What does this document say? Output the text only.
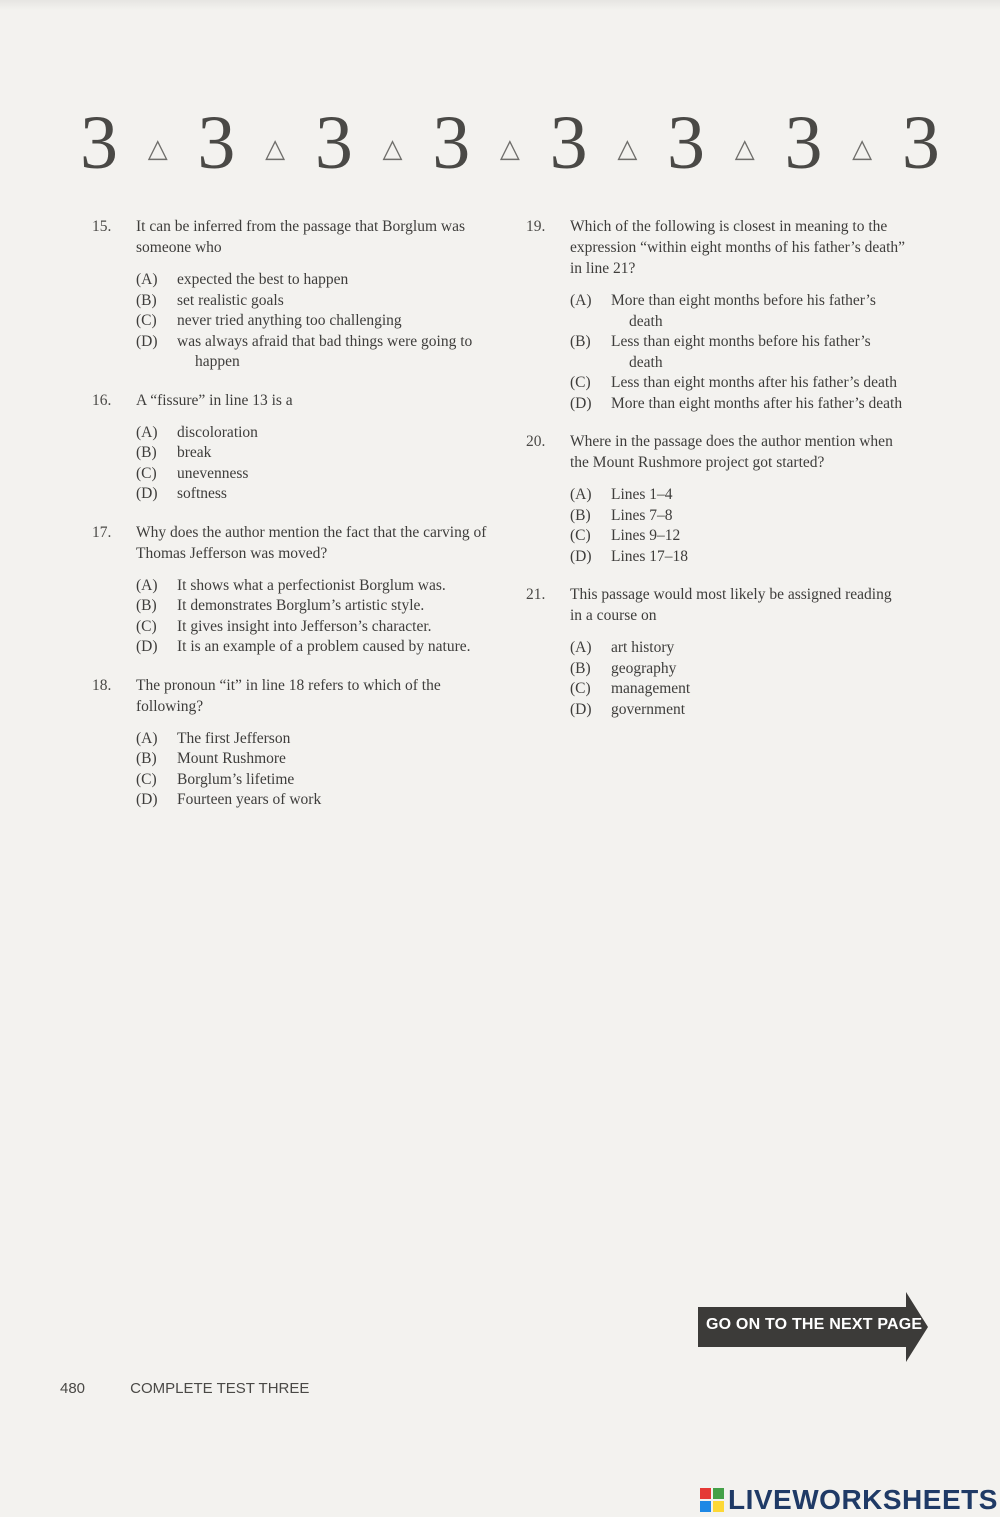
3 △ 3 △ 3 △ 3 △ 3 △ 3 △ 3 △ 3
15.	It can be inferred from the passage that Borglum was someone who
(A)	expected the best to happen
(B)	set realistic goals
(C)	never tried anything too challenging
(D)	was always afraid that bad things were going to happen
16.	A “fissure” in line 13 is a
(A)	discoloration
(B)	break
(C)	unevenness
(D)	softness
17.	Why does the author mention the fact that the carving of Thomas Jefferson was moved?
(A)	It shows what a perfectionist Borglum was.
(B)	It demonstrates Borglum’s artistic style.
(C)	It gives insight into Jefferson’s character.
(D)	It is an example of a problem caused by nature.
18.	The pronoun “it” in line 18 refers to which of the following?
(A)	The first Jefferson
(B)	Mount Rushmore
(C)	Borglum’s lifetime
(D)	Fourteen years of work
19.	Which of the following is closest in meaning to the expression “within eight months of his father’s death” in line 21?
(A)	More than eight months before his father’s death
(B)	Less than eight months before his father’s death
(C)	Less than eight months after his father’s death
(D)	More than eight months after his father’s death
20.	Where in the passage does the author mention when the Mount Rushmore project got started?
(A)	Lines 1–4
(B)	Lines 7–8
(C)	Lines 9–12
(D)	Lines 17–18
21.	This passage would most likely be assigned reading in a course on
(A)	art history
(B)	geography
(C)	management
(D)	government
GO ON TO THE NEXT PAGE
480	COMPLETE TEST THREE
LIVEWORKSHEETS
